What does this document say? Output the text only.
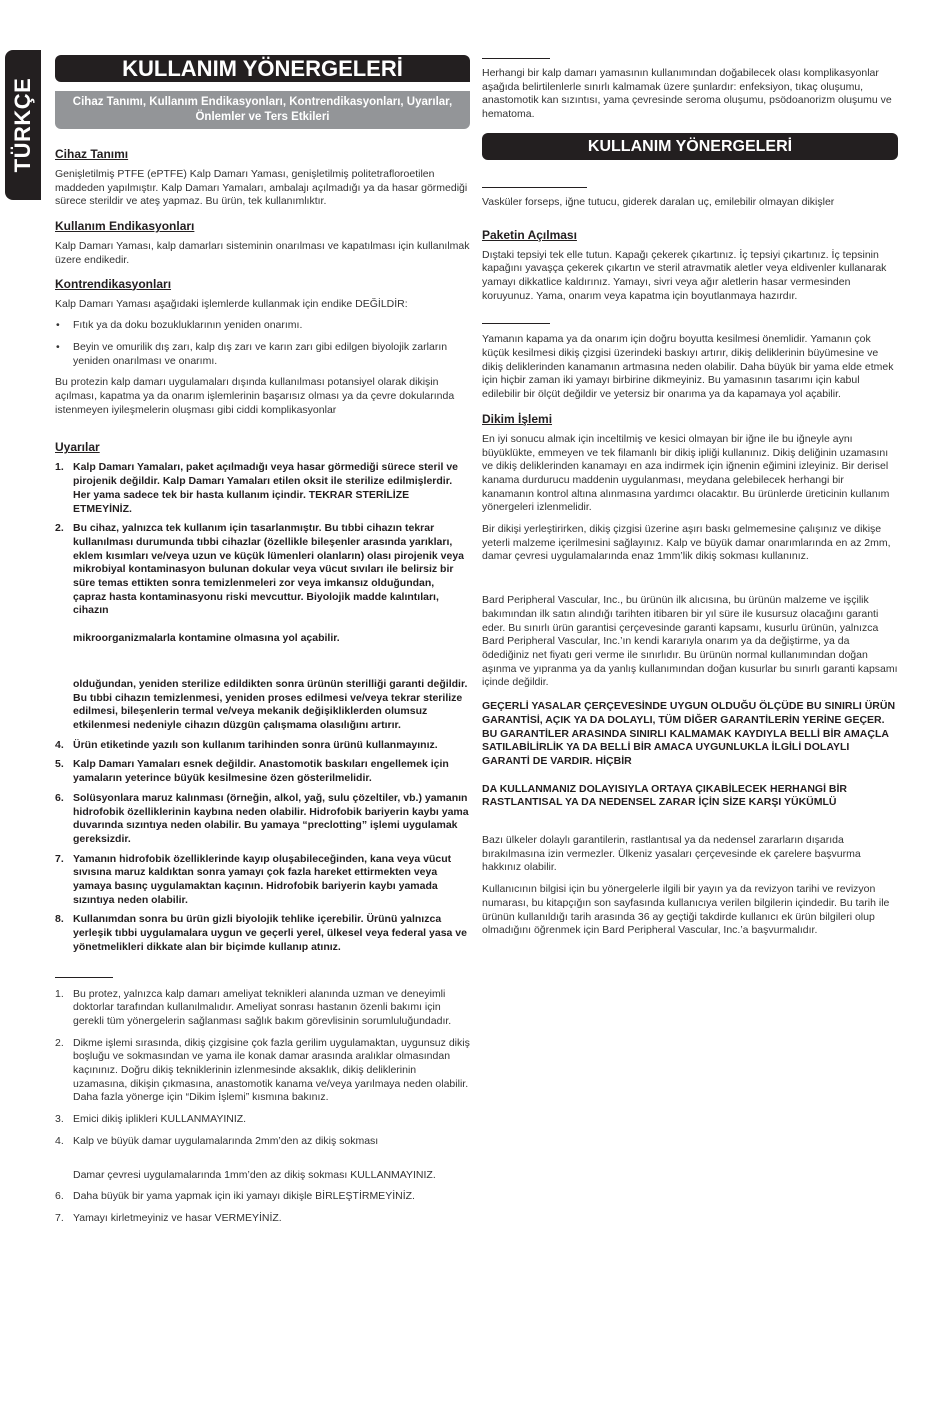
TÜRKÇE
KULLANIM YÖNERGELERİ
Cihaz Tanımı, Kullanım Endikasyonları, Kontrendikasyonları, Uyarılar, Önlemler ve Ters Etkileri
Cihaz Tanımı

Genişletilmiş PTFE (ePTFE) Kalp Damarı Yaması, genişletilmiş politetrafloroetilen maddeden yapılmıştır. Kalp Damarı Yamaları, ambalajı açılmadığı ya da hasar görmediği sürece sterildir ve ateş yapmaz. Bu ürün, tek kullanımlıktır.

Kullanım Endikasyonları

Kalp Damarı Yaması, kalp damarları sisteminin onarılması ve kapatılması için kullanılmak üzere endikedir.

Kontrendikasyonları

Kalp Damarı Yaması aşağıdaki işlemlerde kullanmak için endike DEĞİLDİR:

• Fıtık ya da doku bozukluklarının yeniden onarımı.
• Beyin ve omurilik dış zarı, kalp dış zarı ve karın zarı gibi edilgen biyolojik zarların yeniden onarılması ve onarımı.

Bu protezin kalp damarı uygulamaları dışında kullanılması potansiyel olarak dikişin açılması, kapatma ya da onarım işlemlerinin başarısız olması ya da çevre dokularında istenmeyen iyileşmelerin oluşması gibi ciddi komplikasyonlar

Uyarılar
1. Kalp Damarı Yamaları, paket açılmadığı veya hasar görmediği sürece steril ve pirojenik değildir. Kalp Damarı Yamaları etilen oksit ile sterilize edilmişlerdir. Her yama sadece tek bir hasta kullanım içindir. TEKRAR STERİLİZE ETMEYİNİZ.
2. Bu cihaz, yalnızca tek kullanım için tasarlanmıştır. Bu tıbbi cihazın tekrar kullanılması durumunda tıbbi cihazlar (özellikle bileşenler arasında yarıkları, eklem kısımları ve/veya uzun ve küçük lümenleri olanların) olası pirojenik veya mikrobiyal kontaminasyon bulunan dokular veya vücut sıvıları ile belirsiz bir süre temas ettikten sonra temizlenmeleri zor veya imkansız olduğundan, çapraz hasta kontaminasyonu riski mevcuttur. Biyolojik madde kalıntıları, cihazın
mikroorganizmalarla kontamine olmasına yol açabilir.
olduğundan, yeniden sterilize edildikten sonra ürünün sterilliği garanti değildir. Bu tıbbi cihazın temizlenmesi, yeniden proses edilmesi ve/veya tekrar sterilize edilmesi, bileşenlerin termal ve/veya mekanik değişikliklerden olumsuz etkilenmesi nedeniyle cihazın düzgün çalışmama olasılığını artırır.
4. Ürün etiketinde yazılı son kullanım tarihinden sonra ürünü kullanmayınız.
5. Kalp Damarı Yamaları esnek değildir. Anastomotik baskıları engellemek için yamaların yeterince büyük kesilmesine özen gösterilmelidir.
6. Solüsyonlara maruz kalınması (örneğin, alkol, yağ, sulu çözeltiler, vb.) yamanın hidrofobik özelliklerinin kaybına neden olabilir. Hidrofobik bariyerin kaybı yama duvarında sızıntıya neden olabilir. Bu yamaya “preclotting” işlemi uygulamak gereksizdir.
7. Yamanın hidrofobik özelliklerinde kayıp oluşabileceğinden, kana veya vücut sıvısına maruz kaldıktan sonra yamayı çok fazla hareket ettirmekten veya yamaya basınç uygulamaktan kaçının. Hidrofobik bariyerin kaybı yamada sızıntıya neden olabilir.
8. Kullanımdan sonra bu ürün gizli biyolojik tehlike içerebilir. Ürünü yalnızca yerleşik tıbbi uygulamalara uygun ve geçerli yerel, ülkesel veya federal yasa ve yönetmelikleri dikkate alan bir biçimde kullanıp atınız.
1. Bu protez, yalnızca kalp damarı ameliyat teknikleri alanında uzman ve deneyimli doktorlar tarafından kullanılmalıdır. Ameliyat sonrası hastanın özenli bakımı için gerekli tüm yönergelerin sağlanması sağlık bakım görevlisinin sorumluluğundadır.
2. Dikme işlemi sırasında, dikiş çizgisine çok fazla gerilim uygulamaktan, uygunsuz dikiş boşluğu ve sokmasından ve yama ile konak damar arasında aralıklar olmasından kaçınınız. Doğru dikiş tekniklerinin izlenmesinde aksaklık, dikiş deliklerinin uzamasına, dikişin çıkmasına, anastomotik kanama ve/veya yarılmaya neden olabilir. Daha fazla yönerge için “Dikim İşlemi” kısmına bakınız.
3. Emici dikiş iplikleri KULLANMAYINIZ.
4. Kalp ve büyük damar uygulamalarında 2mm’den az dikiş sokması
Damar çevresi uygulamalarında 1mm’den az dikiş sokması KULLANMAYINIZ.
6. Daha büyük bir yama yapmak için iki yamayı dikişle BİRLEŞTİRMEYİNİZ.
7. Yamayı kirletmeyiniz ve hasar VERMEYİNİZ.

Herhangi bir kalp damarı yamasının kullanımından doğabilecek olası komplikasyonlar aşağıda belirtilenlerle sınırlı kalmamak üzere şunlardır: enfeksiyon, tıkaç oluşumu, anastomotik kan sızıntısı, yama çevresinde seroma oluşumu, psödoanorizm oluşumu ve hematoma.

KULLANIM YÖNERGELERİ

Vasküler forseps, iğne tutucu, giderek daralan uç, emilebilir olmayan dikişler

Paketin Açılması

Dıştaki tepsiyi tek elle tutun. Kapağı çekerek çıkartınız. İç tepsiyi çıkartınız. İç tepsinin kapağını yavaşça çekerek çıkartın ve steril atravmatik aletler veya eldivenler kullanarak yamayı dikkatlice kaldırınız. Yamayı, sivri veya ağır aletlerin hasar vermesinden koruyunuz. Yama, onarım veya kapatma için boyutlanmaya hazırdır.

Yamanın kapama ya da onarım için doğru boyutta kesilmesi önemlidir. Yamanın çok küçük kesilmesi dikiş çizgisi üzerindeki baskıyı artırır, dikiş deliklerinin büyümesine ve dikiş deliklerinden kanamanın artmasına neden olabilir. Daha büyük bir yama elde etmek için hiçbir zaman iki yamayı birbirine dikmeyiniz. Bu yamasının tasarımı için kabul edilebilir bir ölçüt değildir ve yetersiz bir onarıma ya da kapamaya yol açabilir.

Dikim İşlemi

En iyi sonucu almak için inceltilmiş ve kesici olmayan bir iğne ile bu iğneyle aynı büyüklükte, emmeyen ve tek filamanlı bir dikiş ipliği kullanınız. Dikiş deliğinin uzamasını ve dikiş deliklerinden kanamayı en aza indirmek için iğnenin eğimini izleyiniz. Bir derisel kanama durdurucu maddenin uygulanması, meydana gelebilecek herhangi bir kanamanın kontrol altına alınmasına yardımcı olacaktır. Bu ürünlerde üreticinin kullanım yönergeleri izlenmelidir.

Bir dikişi yerleştirirken, dikiş çizgisi üzerine aşırı baskı gelmemesine çalışınız ve dikişe yeterli malzeme içerilmesini sağlayınız. Kalp ve büyük damar onarımlarında en az 2mm, damar çevresi uygulamalarında enaz 1mm’lik dikiş sokması kullanınız.

Bard Peripheral Vascular, Inc., bu ürünün ilk alıcısına, bu ürünün malzeme ve işçilik bakımından ilk satın alındığı tarihten itibaren bir yıl süre ile kusursuz olacağını garanti eder. Bu sınırlı ürün garantisi çerçevesinde garanti kapsamı, kusurlu ürünün, yalnızca Bard Peripheral Vascular, Inc.’ın kendi kararıyla onarım ya da değiştirme, ya da ödediğiniz net fiyatı geri verme ile sınırlıdır. Bu ürünün normal kullanımından doğan aşınma ve yıpranma ya da yanlış kullanımından doğan kusurlar bu sınırlı garanti kapsamı içinde değildir.

GEÇERLİ YASALAR ÇERÇEVESİNDE UYGUN OLDUĞU ÖLÇÜDE BU SINIRLI ÜRÜN GARANTİSİ, AÇIK YA DA DOLAYLI, TÜM DİĞER GARANTİLERİN YERİNE GEÇER. BU GARANTİLER ARASINDA SINIRLI KALMAMAK KAYDIYLA BELLİ BİR AMAÇLA SATILABİLİRLİK YA DA BELLİ BİR AMACA UYGUNLUKLA İLGİLİ DOLAYLI GARANTİ DE VARDIR. HİÇBİR

DA KULLANMANIZ DOLAYISIYLA ORTAYA ÇIKABİLECEK HERHANGİ BİR RASTLANTISAL YA DA NEDENSEL ZARAR İÇİN SİZE KARŞI YÜKÜMLÜ

Bazı ülkeler dolaylı garantilerin, rastlantısal ya da nedensel zararların dışarıda bırakılmasına izin vermezler. Ülkeniz yasaları çerçevesinde ek çarelere başvurma hakkınız olabilir.

Kullanıcının bilgisi için bu yönergelerle ilgili bir yayın ya da revizyon tarihi ve revizyon numarası, bu kitapçığın son sayfasında kullanıcıya verilen bilgilerin içindedir. Bu tarih ile ürünün kullanıldığı tarih arasında 36 ay geçtiği takdirde kullanıcı ek ürün bilgileri olup olmadığını öğrenmek için Bard Peripheral Vascular, Inc.’a başvurmalıdır.
